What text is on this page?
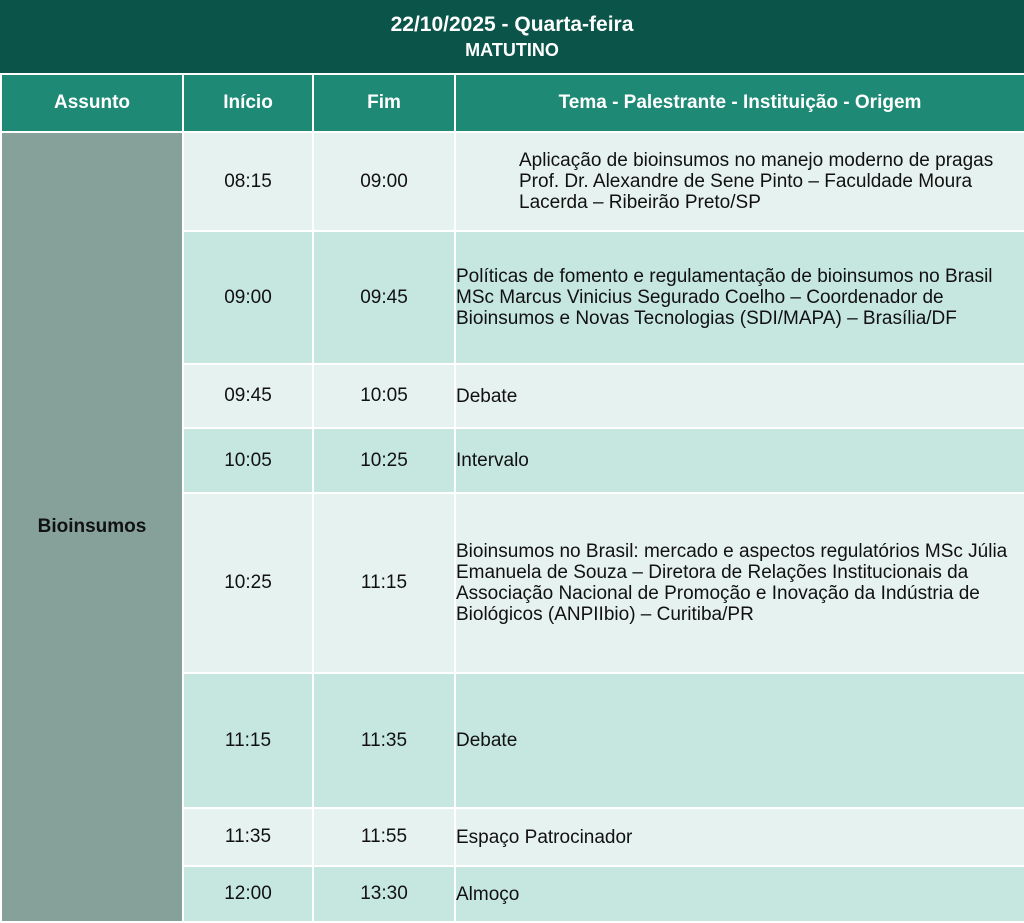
22/10/2025 - Quarta-feira
MATUTINO
Assunto	Início	Fim	Tema - Palestrante - Instituição - Origem
Bioinsumos	08:15	09:00	Aplicação de bioinsumos no manejo moderno de pragas Prof. Dr. Alexandre de Sene Pinto – Faculdade Moura Lacerda – Ribeirão Preto/SP

	09:00	09:45	Políticas de fomento e regulamentação de bioinsumos no Brasil MSc Marcus Vinicius Segurado Coelho – Coordenador de Bioinsumos e Novas Tecnologias (SDI/MAPA) – Brasília/DF

	09:45	10:05	Debate

	10:05	10:25	Intervalo

	10:25	11:15	Bioinsumos no Brasil: mercado e aspectos regulatórios MSc Júlia Emanuela de Souza – Diretora de Relações Institucionais da Associação Nacional de Promoção e Inovação da Indústria de Biológicos (ANPIIbio) – Curitiba/PR

	11:15	11:35	Debate

	11:35	11:55	Espaço Patrocinador

	12:00	13:30	Almoço
